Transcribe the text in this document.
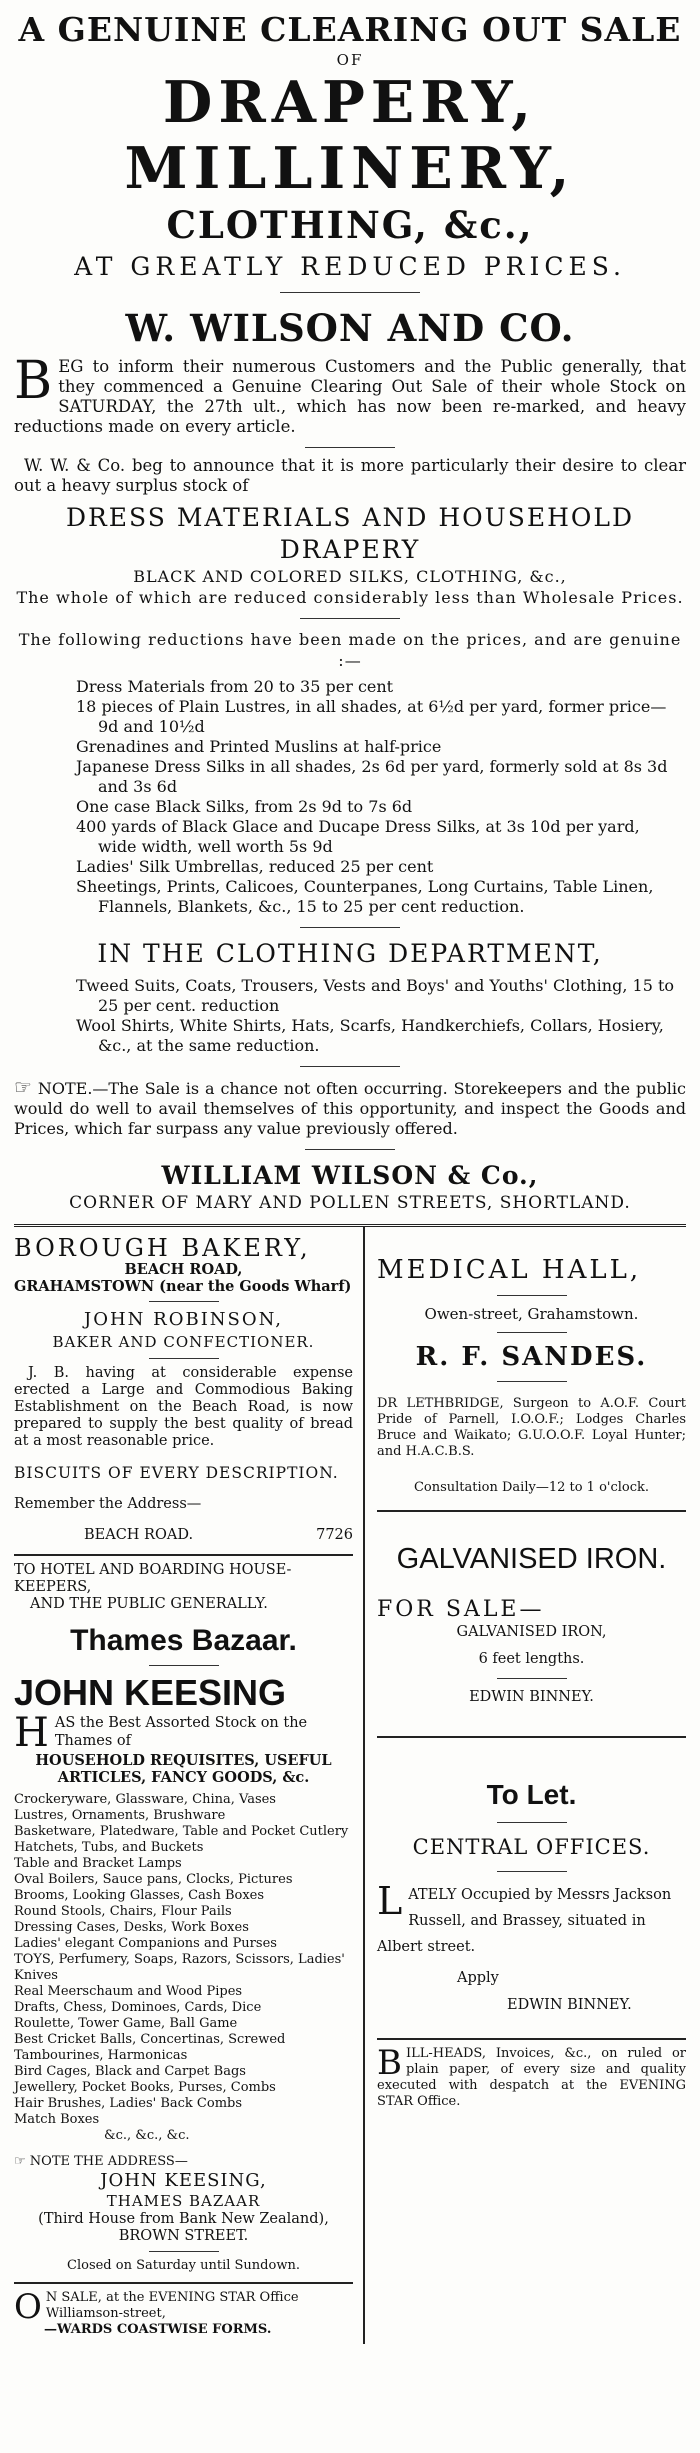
A GENUINE CLEARING OUT SALE
OF
DRAPERY, MILLINERY,
CLOTHING, &c.,
AT GREATLY REDUCED PRICES.
W. WILSON AND CO.
BEG to inform their numerous Customers and the Public generally, that they commenced a Genuine Clearing Out Sale of their whole Stock on SATURDAY, the 27th ult., which has now been re-marked, and heavy reductions made on every article.
W. W. & Co. beg to announce that it is more particularly their desire to clear out a heavy surplus stock of
DRESS MATERIALS AND HOUSEHOLD DRAPERY
BLACK AND COLORED SILKS, CLOTHING, &c.,
The whole of which are reduced considerably less than Wholesale Prices.
The following reductions have been made on the prices, and are genuine :—
Dress Materials from 20 to 35 per cent
18 pieces of Plain Lustres, in all shades, at 6½d per yard, former price— 9d and 10½d
Grenadines and Printed Muslins at half-price
Japanese Dress Silks in all shades, 2s 6d per yard, formerly sold at 8s 3d and 3s 6d
One case Black Silks, from 2s 9d to 7s 6d
400 yards of Black Glace and Ducape Dress Silks, at 3s 10d per yard, wide width, well worth 5s 9d
Ladies' Silk Umbrellas, reduced 25 per cent
Sheetings, Prints, Calicoes, Counterpanes, Long Curtains, Table Linen, Flannels, Blankets, &c., 15 to 25 per cent reduction.
IN THE CLOTHING DEPARTMENT,
Tweed Suits, Coats, Trousers, Vests and Boys' and Youths' Clothing, 15 to 25 per cent. reduction
Wool Shirts, White Shirts, Hats, Scarfs, Handkerchiefs, Collars, Hosiery, &c., at the same reduction.
☞ NOTE.—The Sale is a chance not often occurring. Storekeepers and the public would do well to avail themselves of this opportunity, and inspect the Goods and Prices, which far surpass any value previously offered.
WILLIAM WILSON & Co.,
CORNER OF MARY AND POLLEN STREETS, SHORTLAND.
BOROUGH BAKERY,
BEACH ROAD,
GRAHAMSTOWN (near the Goods Wharf)
JOHN ROBINSON,
BAKER AND CONFECTIONER.
J. B. having at considerable expense erected a Large and Commodious Baking Establishment on the Beach Road, is now prepared to supply the best quality of bread at a most reasonable price.
BISCUITS OF EVERY DESCRIPTION.
Remember the Address—
BEACH ROAD.	7726
TO HOTEL AND BOARDING HOUSE-KEEPERS,
AND THE PUBLIC GENERALLY.
Thames Bazaar.
JOHN KEESING
HAS the Best Assorted Stock on the Thames of
HOUSEHOLD REQUISITES, USEFUL ARTICLES, FANCY GOODS, &c.
Crockeryware, Glassware, China, Vases
Lustres, Ornaments, Brushware
Basketware, Platedware, Table and Pocket Cutlery
Hatchets, Tubs, and Buckets
Table and Bracket Lamps
Oval Boilers, Sauce pans, Clocks, Pictures
Brooms, Looking Glasses, Cash Boxes
Round Stools, Chairs, Flour Pails
Dressing Cases, Desks, Work Boxes
Ladies' elegant Companions and Purses
TOYS, Perfumery, Soaps, Razors, Scissors, Ladies' Knives
Real Meerschaum and Wood Pipes
Drafts, Chess, Dominoes, Cards, Dice
Roulette, Tower Game, Ball Game
Best Cricket Balls, Concertinas, Screwed Tambourines, Harmonicas
Bird Cages, Black and Carpet Bags
Jewellery, Pocket Books, Purses, Combs
Hair Brushes, Ladies' Back Combs
Match Boxes
&c., &c., &c.
☞ NOTE THE ADDRESS—
JOHN KEESING,
THAMES BAZAAR
(Third House from Bank New Zealand),
BROWN STREET.
Closed on Saturday until Sundown.
O N SALE, at the EVENING STAR Office Williamson-street,
—WARDS COASTWISE FORMS.
MEDICAL HALL,
Owen-street, Grahamstown.
R. F. SANDES.
DR LETHBRIDGE, Surgeon to A.O.F. Court Pride of Parnell, I.O.O.F.; Lodges Charles Bruce and Waikato; G.U.O.O.F. Loyal Hunter; and H.A.C.B.S.
Consultation Daily—12 to 1 o'clock.
GALVANISED IRON.
FOR SALE—
GALVANISED IRON,
6 feet lengths.
EDWIN BINNEY.
To Let.
CENTRAL OFFICES.
LATELY Occupied by Messrs Jackson Russell, and Brassey, situated in Albert street.
Apply
EDWIN BINNEY.
BILL-HEADS, Invoices, &c., on ruled or plain paper, of every size and quality executed with despatch at the EVENING STAR Office.
